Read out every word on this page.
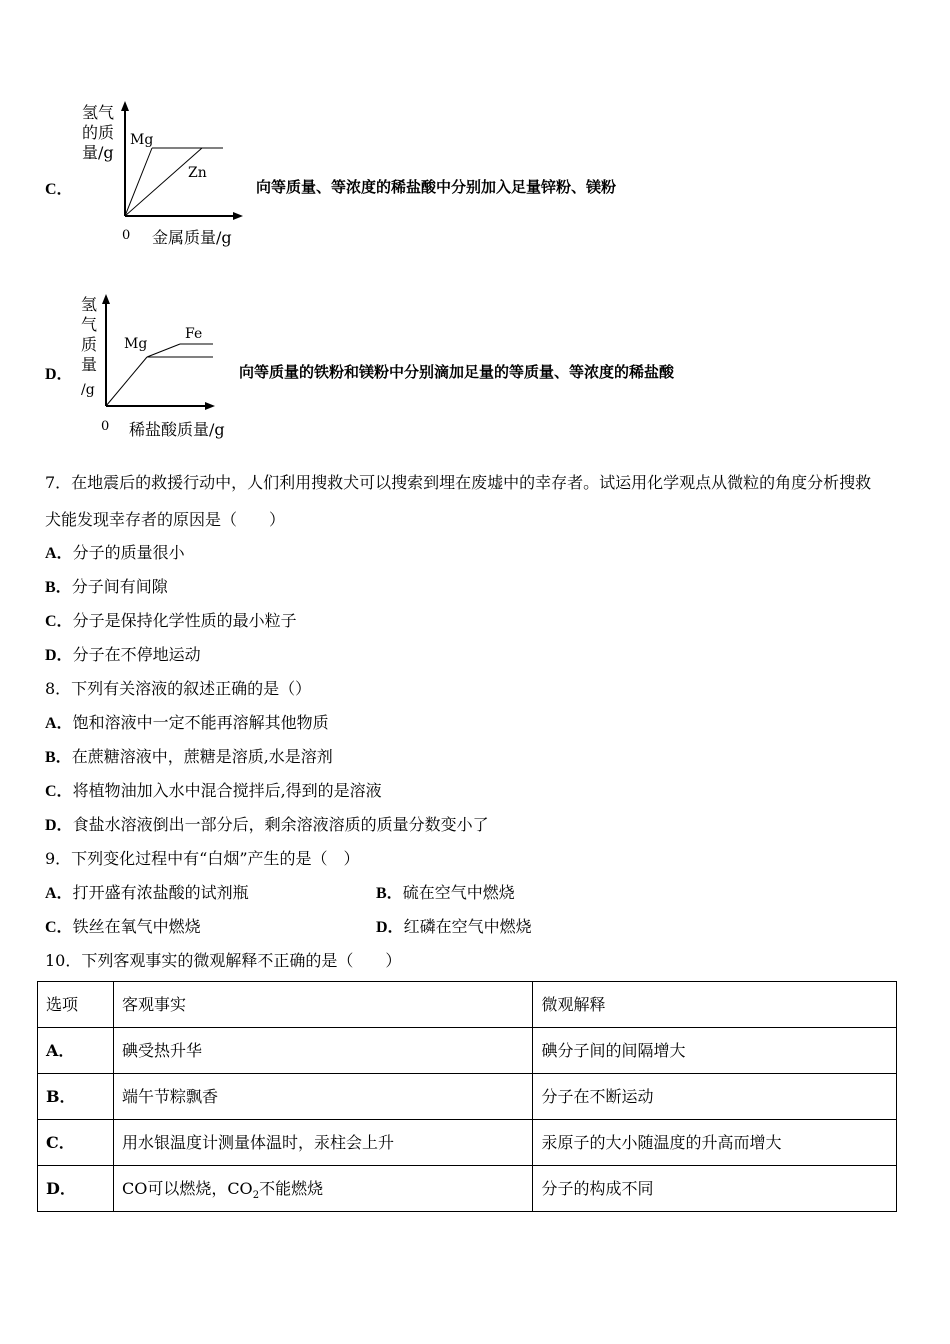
C．
氢气
的质
量/g
Mg
Zn
0 金属质量/g
向等质量、等浓度的稀盐酸中分别加入足量锌粉、镁粉
D．
氢
气
质
量
/g
Mg
Fe
0 稀盐酸质量/g
向等质量的铁粉和镁粉中分别滴加足量的等质量、等浓度的稀盐酸
7．在地震后的救援行动中，人们利用搜救犬可以搜索到埋在废墟中的幸存者。试运用化学观点从微粒的角度分析搜救
犬能发现幸存者的原因是（　　）
A．分子的质量很小
B．分子间有间隙
C．分子是保持化学性质的最小粒子
D．分子在不停地运动
8．下列有关溶液的叙述正确的是（）
A．饱和溶液中一定不能再溶解其他物质
B．在蔗糖溶液中，蔗糖是溶质,水是溶剂
C．将植物油加入水中混合搅拌后,得到的是溶液
D．食盐水溶液倒出一部分后，剩余溶液溶质的质量分数变小了
9．下列变化过程中有“白烟”产生的是（　）
A．打开盛有浓盐酸的试剂瓶	B．硫在空气中燃烧
C．铁丝在氧气中燃烧	D．红磷在空气中燃烧
10．下列客观事实的微观解释不正确的是（　　）
选项	客观事实	微观解释
A．	碘受热升华	碘分子间的间隔增大
B．	端午节粽飘香	分子在不断运动
C．	用水银温度计测量体温时，汞柱会上升	汞原子的大小随温度的升高而增大
D．	CO可以燃烧，$CO_2$不能燃烧	分子的构成不同
